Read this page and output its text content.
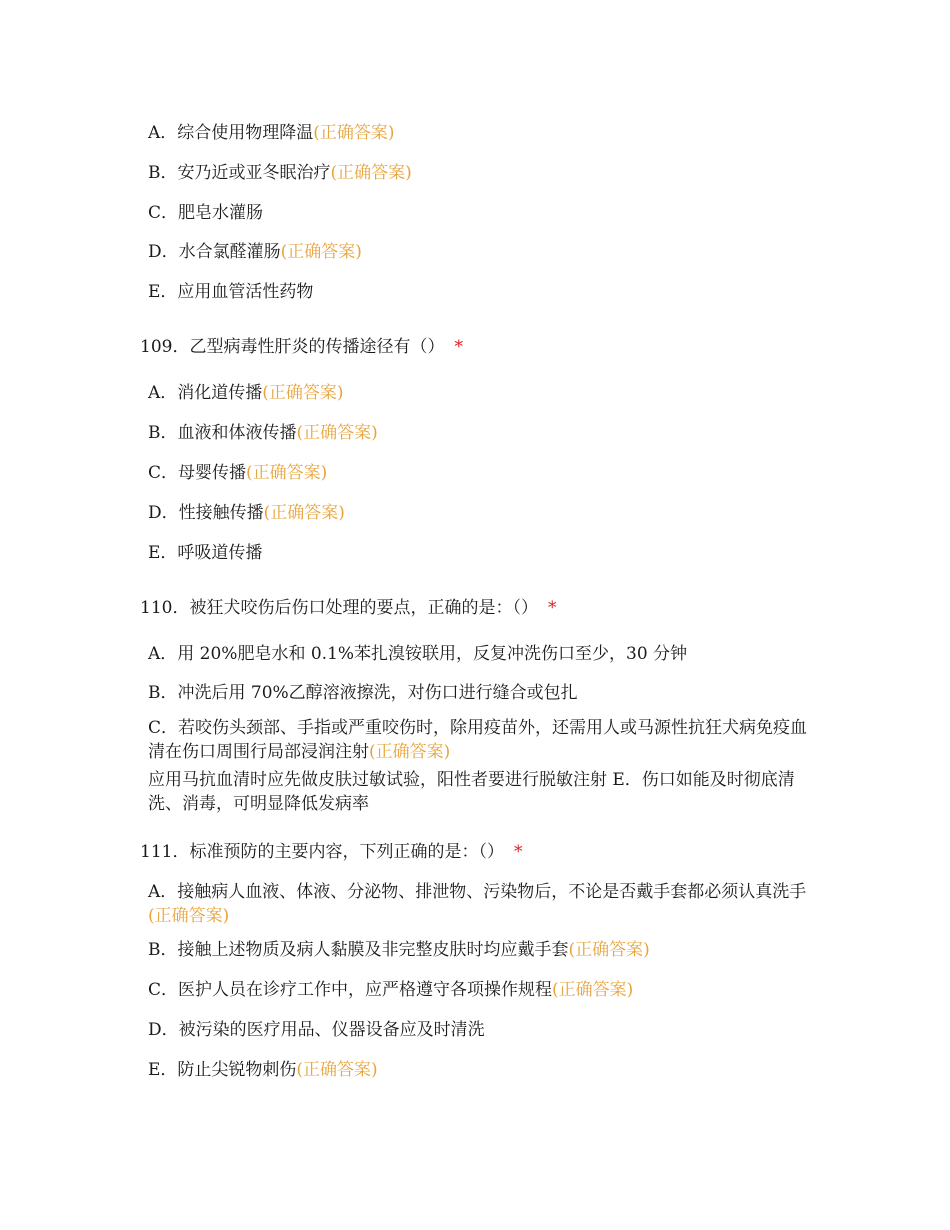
A．综合使用物理降温(正确答案)
B．安乃近或亚冬眠治疗(正确答案)
C．肥皂水灌肠
D．水合氯醛灌肠(正确答案)
E．应用血管活性药物
109．乙型病毒性肝炎的传播途径有（） *
A．消化道传播(正确答案)
B．血液和体液传播(正确答案)
C．母婴传播(正确答案)
D．性接触传播(正确答案)
E．呼吸道传播
110．被狂犬咬伤后伤口处理的要点，正确的是：（） *
A．用 20%肥皂水和 0.1%苯扎溴铵联用，反复冲洗伤口至少，30 分钟
B．冲洗后用 70%乙醇溶液擦洗，对伤口进行缝合或包扎
C．若咬伤头颈部、手指或严重咬伤时，除用疫苗外，还需用人或马源性抗狂犬病免疫血清在伤口周围行局部浸润注射(正确答案)
应用马抗血清时应先做皮肤过敏试验，阳性者要进行脱敏注射 E．伤口如能及时彻底清洗、消毒，可明显降低发病率
111．标准预防的主要内容，下列正确的是：（） *
A．接触病人血液、体液、分泌物、排泄物、污染物后，不论是否戴手套都必须认真洗手(正确答案)
B．接触上述物质及病人黏膜及非完整皮肤时均应戴手套(正确答案)
C．医护人员在诊疗工作中，应严格遵守各项操作规程(正确答案)
D．被污染的医疗用品、仪器设备应及时清洗
E．防止尖锐物刺伤(正确答案)
